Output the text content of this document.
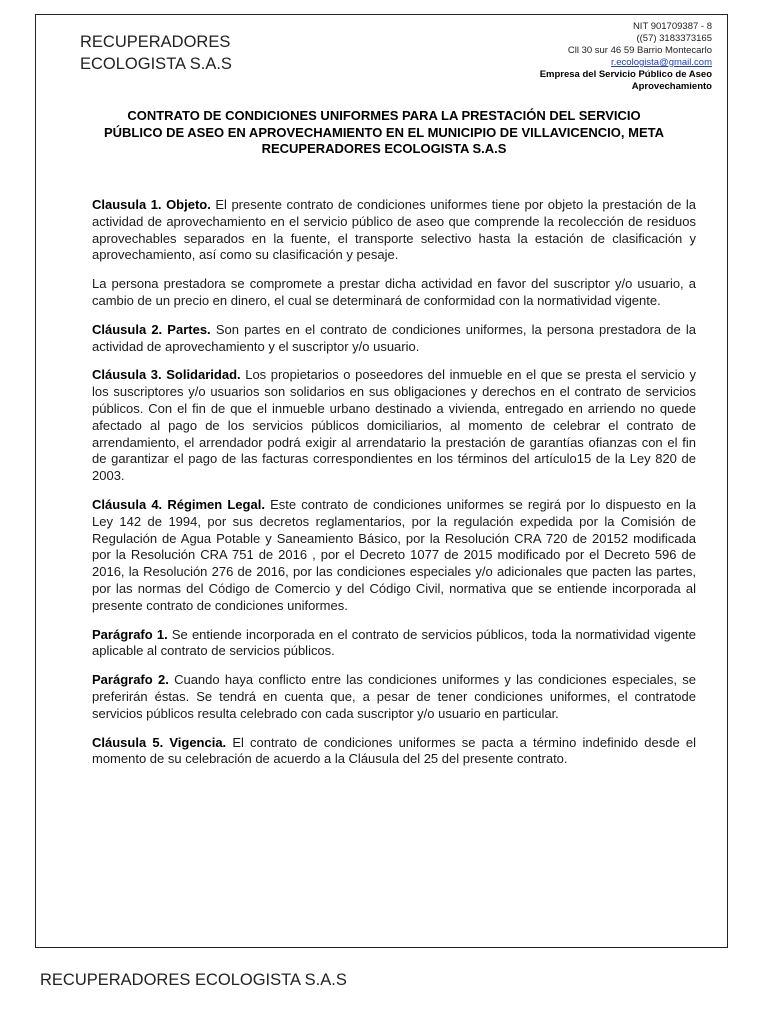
RECUPERADORES
ECOLOGISTA S.A.S
NIT 901709387 - 8
((57) 3183373165
Cll 30 sur 46 59 Barrio Montecarlo
r.ecologista@gmail.com
Empresa del Servicio Público de Aseo
Aprovechamiento
CONTRATO DE CONDICIONES UNIFORMES PARA LA PRESTACIÓN DEL SERVICIO
PÚBLICO DE ASEO EN APROVECHAMIENTO EN EL MUNICIPIO DE VILLAVICENCIO, META
RECUPERADORES ECOLOGISTA S.A.S

Clausula 1. Objeto. El presente contrato de condiciones uniformes tiene por objeto la prestación de la actividad de aprovechamiento en el servicio público de aseo que comprende la recolección de residuos aprovechables separados en la fuente, el transporte selectivo hasta la estación de clasificación y aprovechamiento, así como su clasificación y pesaje.

La persona prestadora se compromete a prestar dicha actividad en favor del suscriptor y/o usuario, a cambio de un precio en dinero, el cual se determinará de conformidad con la normatividad vigente.

Cláusula 2. Partes. Son partes en el contrato de condiciones uniformes, la persona prestadora de la actividad de aprovechamiento y el suscriptor y/o usuario.

Cláusula 3. Solidaridad. Los propietarios o poseedores del inmueble en el que se presta el servicio y los suscriptores y/o usuarios son solidarios en sus obligaciones y derechos en el contrato de servicios públicos. Con el fin de que el inmueble urbano destinado a vivienda, entregado en arriendo no quede afectado al pago de los servicios públicos domiciliarios, al momento de celebrar el contrato de arrendamiento, el arrendador podrá exigir al arrendatario la prestación de garantías ofianzas con el fin de garantizar el pago de las facturas correspondientes en los términos del artículo15 de la Ley 820 de 2003.

Cláusula 4. Régimen Legal. Este contrato de condiciones uniformes se regirá por lo dispuesto en la Ley 142 de 1994, por sus decretos reglamentarios, por la regulación expedida por la Comisión de Regulación de Agua Potable y Saneamiento Básico, por la Resolución CRA 720 de 20152 modificada por la Resolución CRA 751 de 2016 , por el Decreto 1077 de 2015 modificado por el Decreto 596 de 2016, la Resolución 276 de 2016, por las condiciones especiales y/o adicionales que pacten las partes, por las normas del Código de Comercio y del Código Civil, normativa que se entiende incorporada al presente contrato de condiciones uniformes.

Parágrafo 1. Se entiende incorporada en el contrato de servicios públicos, toda la normatividad vigente aplicable al contrato de servicios públicos.

Parágrafo 2. Cuando haya conflicto entre las condiciones uniformes y las condiciones especiales, se preferirán éstas. Se tendrá en cuenta que, a pesar de tener condiciones uniformes, el contratode servicios públicos resulta celebrado con cada suscriptor y/o usuario en particular.

Cláusula 5. Vigencia. El contrato de condiciones uniformes se pacta a término indefinido desde el momento de su celebración de acuerdo a la Cláusula del 25 del presente contrato.

RECUPERADORES ECOLOGISTA S.A.S
